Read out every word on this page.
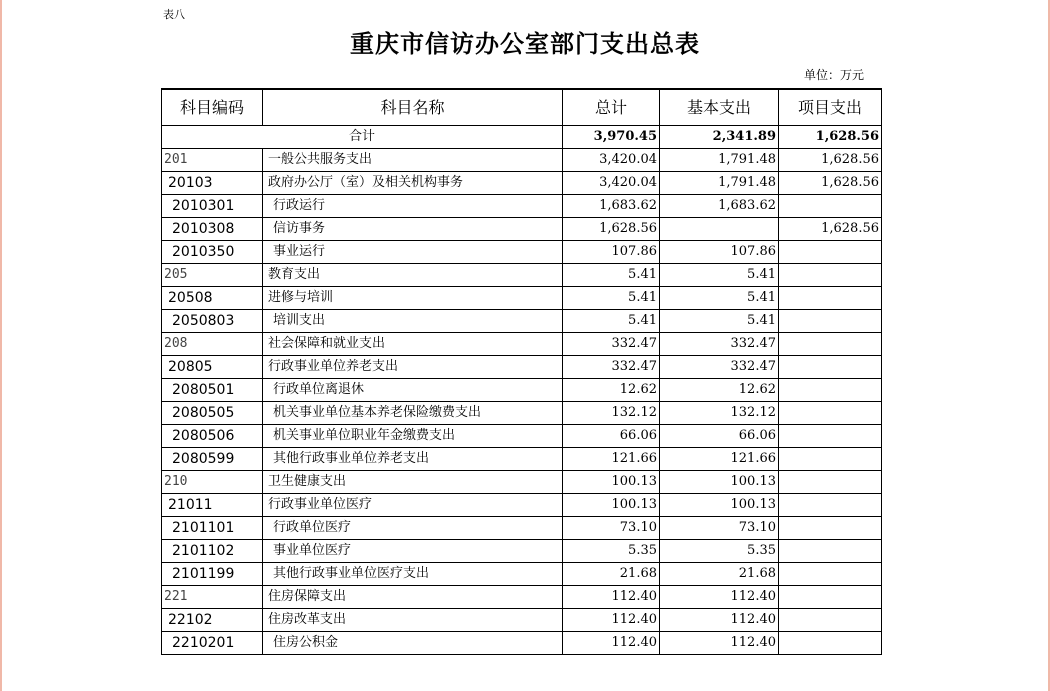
表八
重庆市信访办公室部门支出总表
单位：万元
科目编码	科目名称	总计	基本支出	项目支出
合计		3,970.45	2,341.89	1,628.56
201	一般公共服务支出	3,420.04	1,791.48	1,628.56
20103	政府办公厅（室）及相关机构事务	3,420.04	1,791.48	1,628.56
2010301	行政运行	1,683.62	1,683.62	
2010308	信访事务	1,628.56		1,628.56
2010350	事业运行	107.86	107.86	
205	教育支出	5.41	5.41	
20508	进修与培训	5.41	5.41	
2050803	培训支出	5.41	5.41	
208	社会保障和就业支出	332.47	332.47	
20805	行政事业单位养老支出	332.47	332.47	
2080501	行政单位离退休	12.62	12.62	
2080505	机关事业单位基本养老保险缴费支出	132.12	132.12	
2080506	机关事业单位职业年金缴费支出	66.06	66.06	
2080599	其他行政事业单位养老支出	121.66	121.66	
210	卫生健康支出	100.13	100.13	
21011	行政事业单位医疗	100.13	100.13	
2101101	行政单位医疗	73.10	73.10	
2101102	事业单位医疗	5.35	5.35	
2101199	其他行政事业单位医疗支出	21.68	21.68	
221	住房保障支出	112.40	112.40	
22102	住房改革支出	112.40	112.40	
2210201	住房公积金	112.40	112.40	
